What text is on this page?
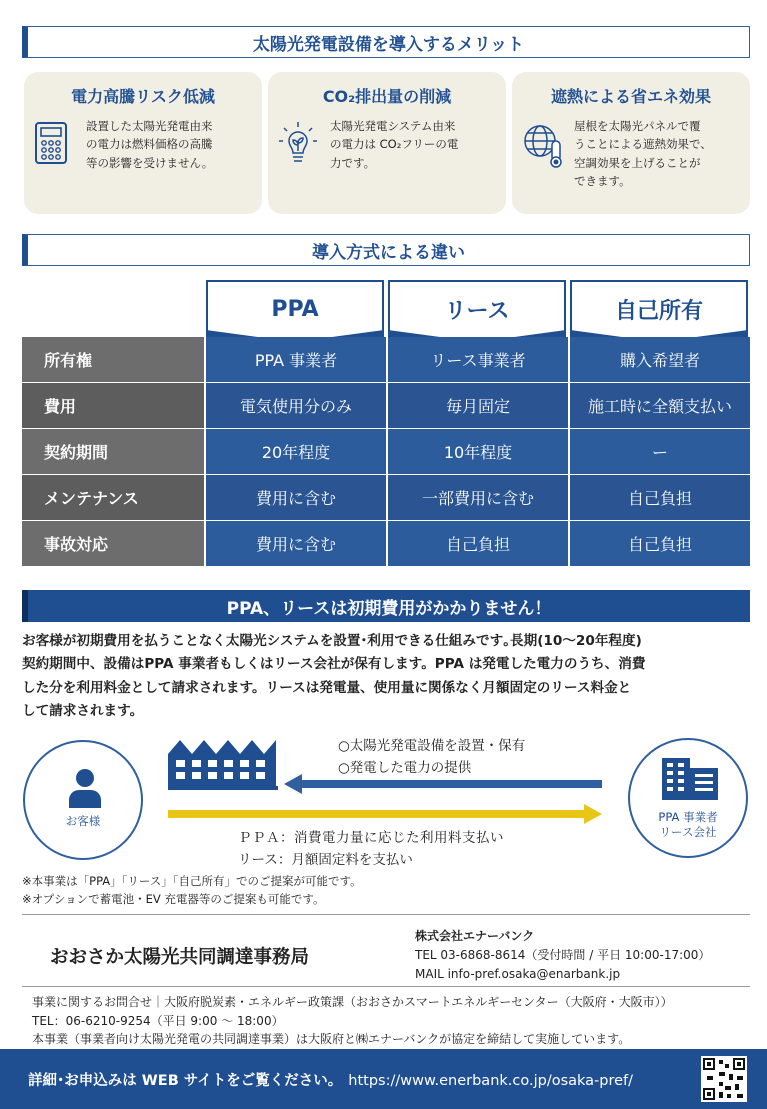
太陽光発電設備を導入するメリット
電力高騰リスク低減
設置した太陽光発電由来
の電力は燃料価格の高騰
等の影響を受けません。
CO₂排出量の削減
太陽光発電システム由来
の電力は CO₂フリーの電
力です。
遮熱による省エネ効果
屋根を太陽光パネルで覆
うことによる遮熱効果で、
空調効果を上げることが
できます。
導入方式による違い
PPA	リース	自己所有
所有権	PPA 事業者	リース事業者	購入希望者
費用	電気使用分のみ	毎月固定	施工時に全額支払い
契約期間	20年程度	10年程度	ー
メンテナンス	費用に含む	一部費用に含む	自己負担
事故対応	費用に含む	自己負担	自己負担
PPA、リースは初期費用がかかりません！
お客様が初期費用を払うことなく太陽光システムを設置･利用できる仕組みです｡長期(10～20年程度)
契約期間中、設備はPPA 事業者もしくはリース会社が保有します。PPA は発電した電力のうち、消費
した分を利用料金として請求されます。リースは発電量、使用量に関係なく月額固定のリース料金と
して請求されます。
お客様	PPA 事業者
リース会社
○太陽光発電設備を設置・保有
○発電した電力の提供
ＰＰＡ：消費電力量に応じた利用料支払い
リース：月額固定料を支払い
※本事業は「PPA」「リース」「自己所有」でのご提案が可能です。
※オプションで蓄電池・EV 充電器等のご提案も可能です。
おおさか太陽光共同調達事務局
株式会社エナーバンク
TEL 03-6868-8614（受付時間 / 平日 10:00-17:00）
MAIL info-pref.osaka@enarbank.jp
事業に関するお問合せ｜大阪府脱炭素・エネルギー政策課（おおさかスマートエネルギーセンター（大阪府・大阪市））
TEL：06-6210-9254（平日 9:00 ～ 18:00）
本事業（事業者向け太陽光発電の共同調達事業）は大阪府と㈱エナーバンクが協定を締結して実施しています。
詳細･お申込みは WEB サイトをご覧ください。 https://www.enerbank.co.jp/osaka-pref/
